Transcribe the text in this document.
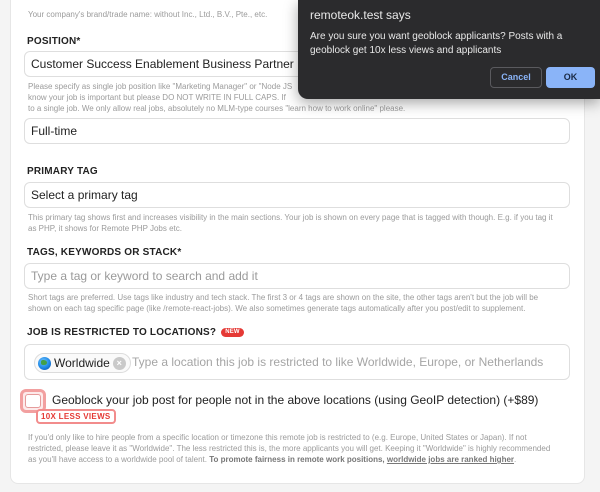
Your company's brand/trade name: without Inc., Ltd., B.V., Pte., etc.
POSITION*
Customer Success Enablement Business Partner
Please specify as single job position like "Marketing Manager" or "Node JS
know your job is important but please DO NOT WRITE IN FULL CAPS. If
to a single job. We only allow real jobs, absolutely no MLM-type courses "learn how to work online" please.
Full-time
PRIMARY TAG
Select a primary tag
This primary tag shows first and increases visibility in the main sections. Your job is shown on every page that is tagged with though. E.g. if you tag it
as PHP, it shows for Remote PHP Jobs etc.
TAGS, KEYWORDS OR STACK*
Type a tag or keyword to search and add it
Short tags are preferred. Use tags like industry and tech stack. The first 3 or 4 tags are shown on the site, the other tags aren't but the job will be
shown on each tag specific page (like /remote-react-jobs). We also sometimes generate tags automatically after you post/edit to supplement.
JOB IS RESTRICTED TO LOCATIONS? NEW
Worldwide × Type a location this job is restricted to like Worldwide, Europe, or Netherlands
Geoblock your job post for people not in the above locations (using GeoIP detection) (+$89)
10X LESS VIEWS
If you'd only like to hire people from a specific location or timezone this remote job is restricted to (e.g. Europe, United States or Japan). If not
restricted, please leave it as "Worldwide". The less restricted this is, the more applicants you will get. Keeping it "Worldwide" is highly recommended
as you'll have access to a worldwide pool of talent. To promote fairness in remote work positions, worldwide jobs are ranked higher.
remoteok.test says
Are you sure you want geoblock applicants? Posts with a geoblock get 10x less views and applicants
Cancel	OK
